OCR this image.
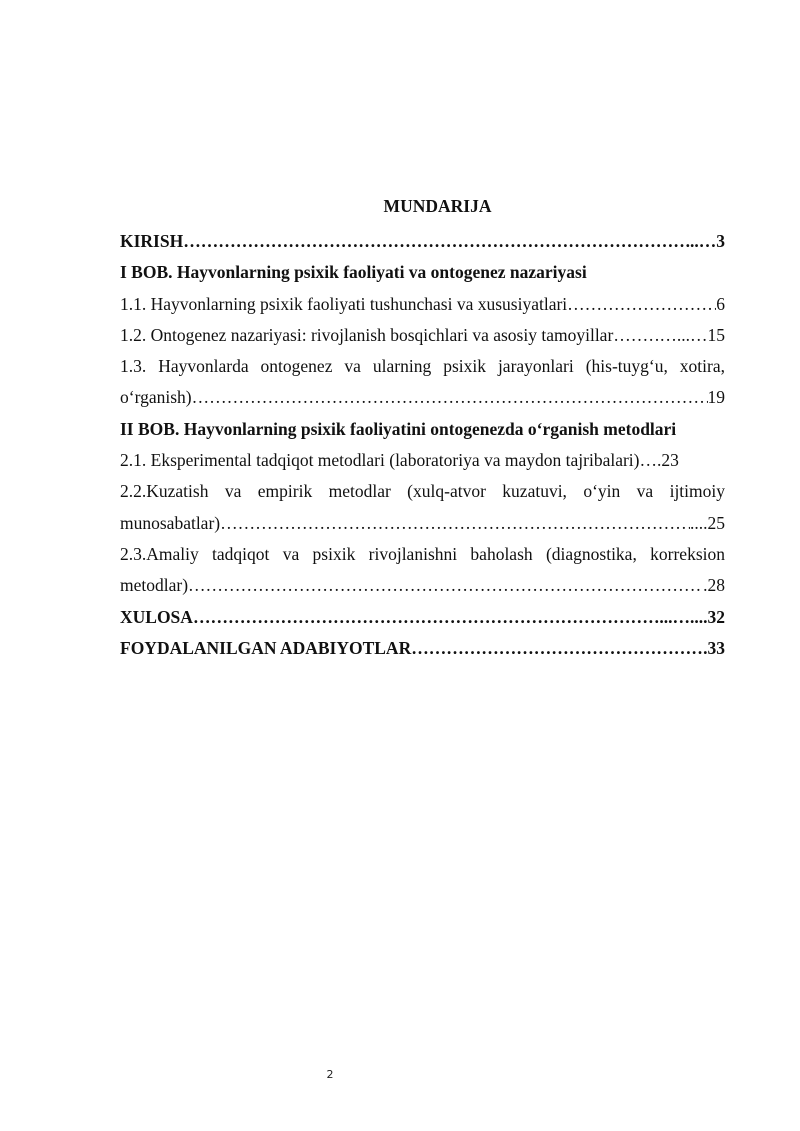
MUNDARIJA
KIRISH ……………………………………………………………………………………………………………………………………………………………………………………………………	...… 3
I BOB. Hayvonlarning psixik faoliyati va ontogenez nazariyasi
1.1. Hayvonlarning psixik faoliyati tushunchasi va xususiyatlari ……………………………………………………………………………………………………………………………………………………………………………………………………	6
1.2. Ontogenez nazariyasi: rivojlanish bosqichlari va asosiy tamoyillar ……………………………………………………………………………………………………………………………………………………………………………………………………	…...… 15
1.3. Hayvonlarda ontogenez va ularning psixik jarayonlari (his-tuyg‘u, xotira,
o‘rganish) ……………………………………………………………………………………………………………………………………………………………………………………………………	19
II BOB. Hayvonlarning psixik faoliyatini ontogenezda o‘rganish metodlari
2.1. Eksperimental tadqiqot metodlari (laboratoriya va maydon tajribalari) …. 23
2.2.Kuzatish va empirik metodlar (xulq-atvor kuzatuvi, o‘yin va ijtimoiy
munosabatlar) ……………………………………………………………………………………………………………………………………………………………………………………………………	.... 25
2.3.Amaliy tadqiqot va psixik rivojlanishni baholash (diagnostika, korreksion
metodlar) ……………………………………………………………………………………………………………………………………………………………………………………………………	. 28
XULOSA ……………………………………………………………………………………………………………………………………………………………………………………………………	...….... 32
FOYDALANILGAN ADABIYOTLAR ……………………………………………………………………………………………………………………………………………………………………………………………………	. 33
2
